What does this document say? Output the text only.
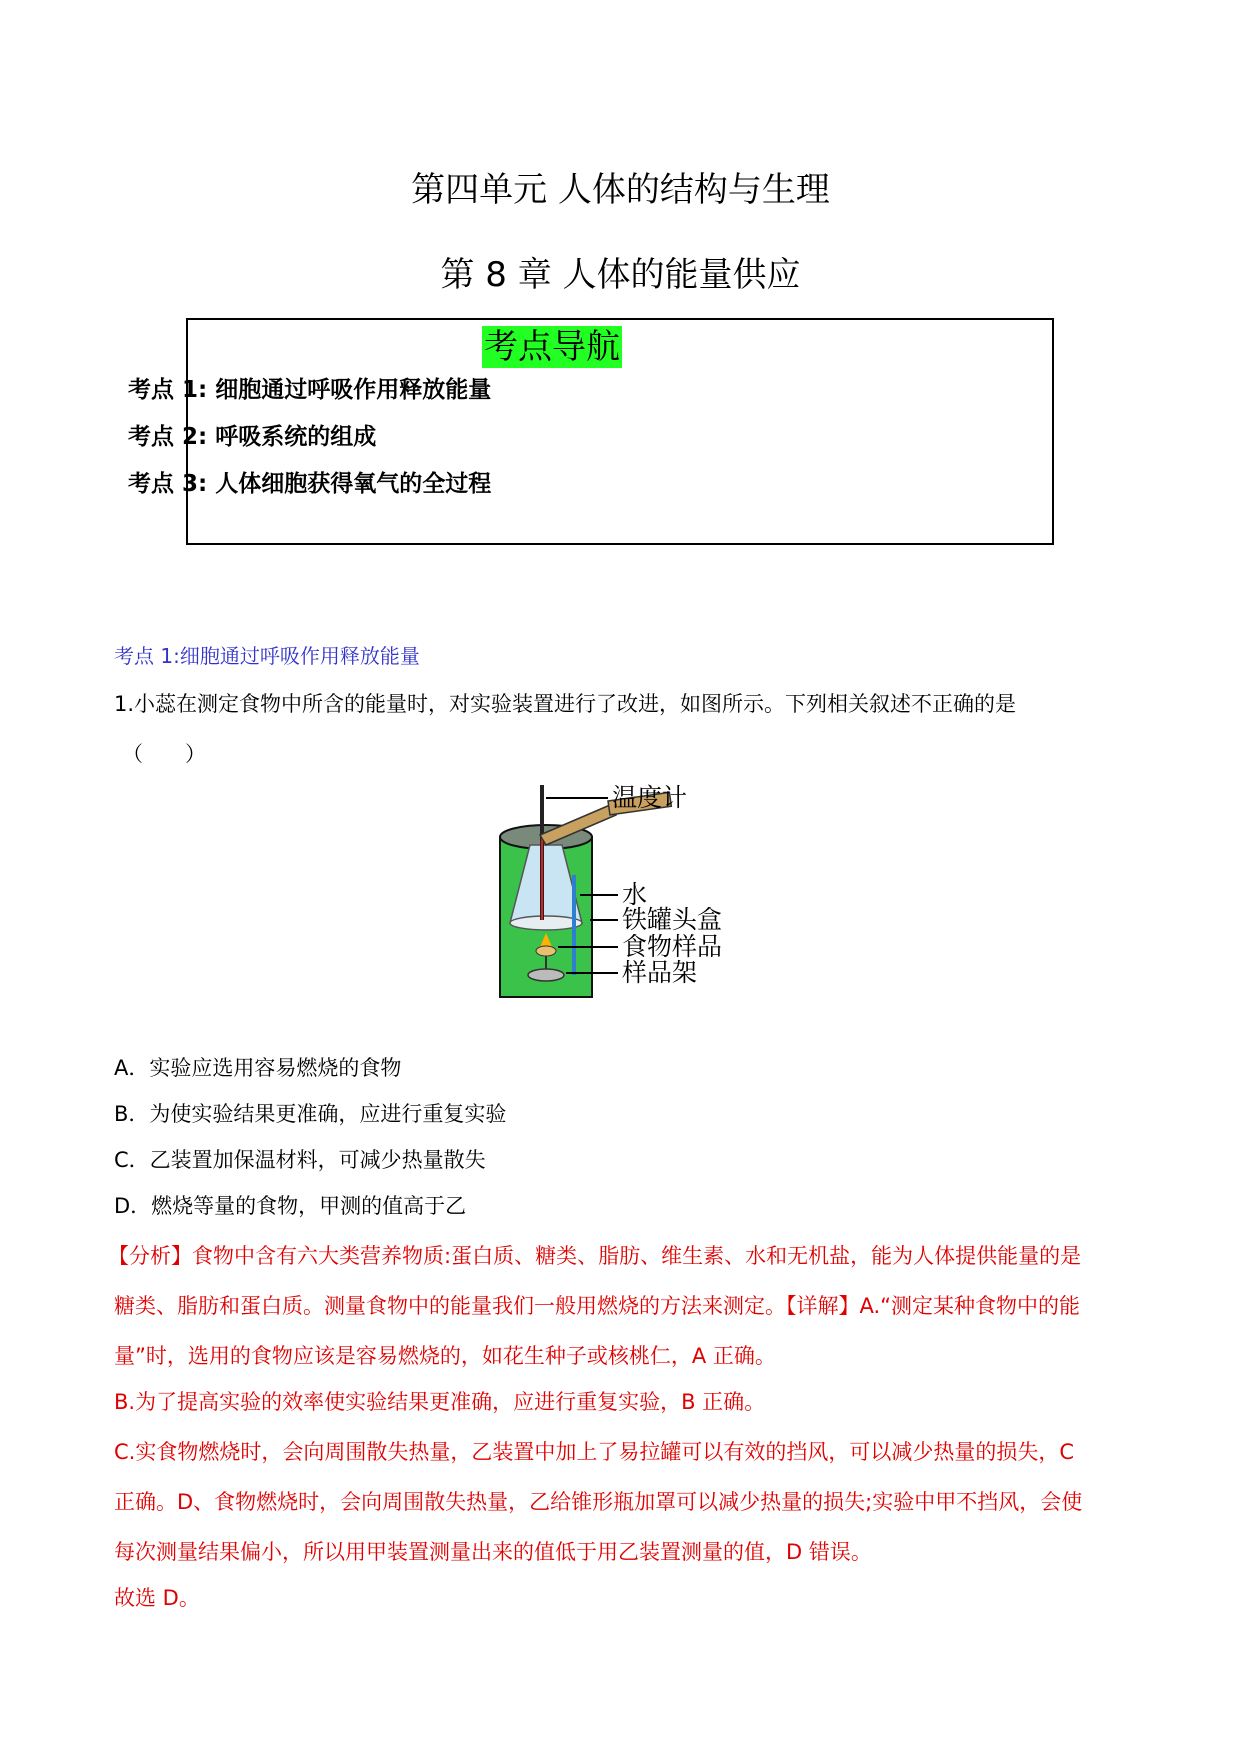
第四单元 人体的结构与生理
第 8 章 人体的能量供应
考点导航
考点 1: 细胞通过呼吸作用释放能量
考点 2: 呼吸系统的组成
考点 3: 人体细胞获得氧气的全过程
考点 1:细胞通过呼吸作用释放能量
1.小蕊在测定食物中所含的能量时，对实验装置进行了改进，如图所示。下列相关叙述不正确的是
（　　）
温度计
水
铁罐头盒
食物样品
样品架
A．实验应选用容易燃烧的食物
B．为使实验结果更准确，应进行重复实验
C．乙装置加保温材料，可减少热量散失
D．燃烧等量的食物，甲测的值高于乙
【分析】食物中含有六大类营养物质:蛋白质、糖类、脂肪、维生素、水和无机盐，能为人体提供能量的是
糖类、脂肪和蛋白质。测量食物中的能量我们一般用燃烧的方法来测定。【详解】A.“测定某种食物中的能
量”时，选用的食物应该是容易燃烧的，如花生种子或核桃仁，A 正确。
B.为了提高实验的效率使实验结果更准确，应进行重复实验，B 正确。
C.实食物燃烧时，会向周围散失热量，乙装置中加上了易拉罐可以有效的挡风，可以减少热量的损失，C
正确。D、食物燃烧时，会向周围散失热量，乙给锥形瓶加罩可以减少热量的损失;实验中甲不挡风，会使
每次测量结果偏小，所以用甲装置测量出来的值低于用乙装置测量的值，D 错误。
故选 D。
